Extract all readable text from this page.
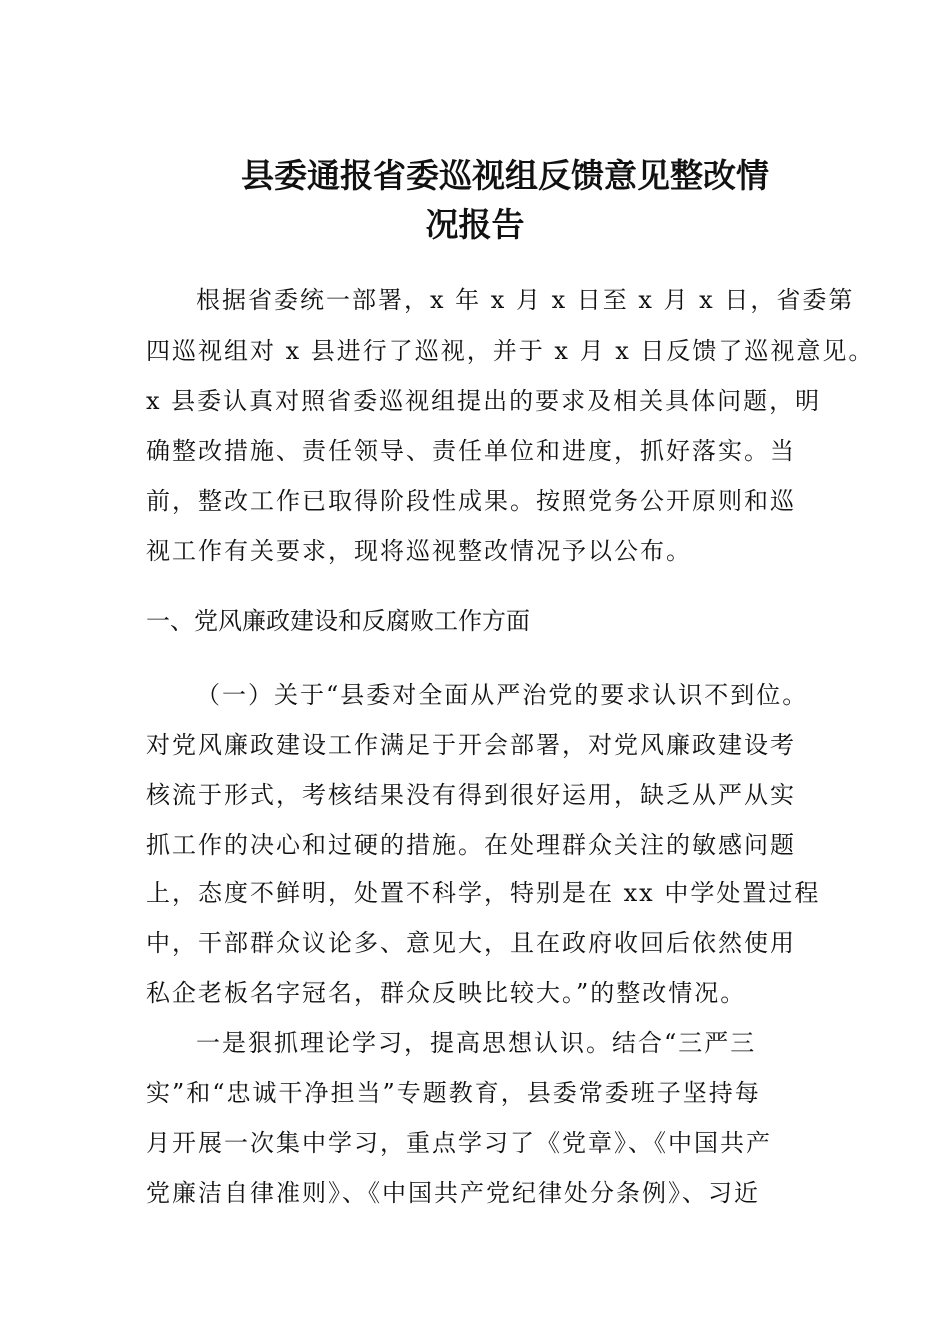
县委通报省委巡视组反馈意见整改情
况报告
根据省委统一部署，x 年 x 月 x 日至 x 月 x 日，省委第
四巡视组对 x 县进行了巡视，并于 x 月 x 日反馈了巡视意见。
x 县委认真对照省委巡视组提出的要求及相关具体问题，明
确整改措施、责任领导、责任单位和进度，抓好落实。当
前，整改工作已取得阶段性成果。按照党务公开原则和巡
视工作有关要求，现将巡视整改情况予以公布。
一、党风廉政建设和反腐败工作方面
（一）关于“县委对全面从严治党的要求认识不到位。
对党风廉政建设工作满足于开会部署，对党风廉政建设考
核流于形式，考核结果没有得到很好运用，缺乏从严从实
抓工作的决心和过硬的措施。在处理群众关注的敏感问题
上，态度不鲜明，处置不科学，特别是在 xx 中学处置过程
中，干部群众议论多、意见大，且在政府收回后依然使用
私企老板名字冠名，群众反映比较大。”的整改情况。
一是狠抓理论学习，提高思想认识。结合“三严三
实”和“忠诚干净担当”专题教育，县委常委班子坚持每
月开展一次集中学习，重点学习了《党章》、《中国共产
党廉洁自律准则》、《中国共产党纪律处分条例》、习近
